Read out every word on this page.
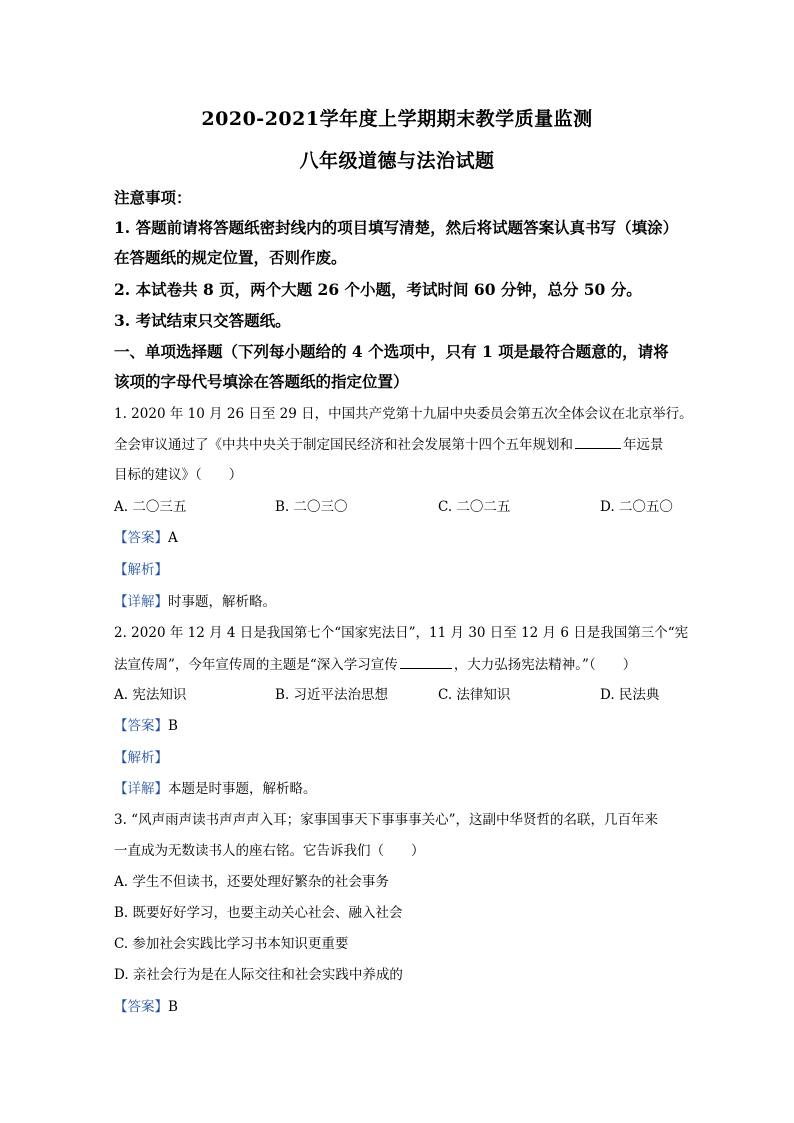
2020-2021学年度上学期期末教学质量监测
八年级道德与法治试题
注意事项：
1. 答题前请将答题纸密封线内的项目填写清楚，然后将试题答案认真书写（填涂）
在答题纸的规定位置，否则作废。
2. 本试卷共 8 页，两个大题 26 个小题，考试时间 60 分钟，总分 50 分。
3. 考试结束只交答题纸。
一、单项选择题（下列每小题给的 4 个选项中，只有 1 项是最符合题意的，请将
该项的字母代号填涂在答题纸的指定位置）
1. 2020 年 10 月 26 日至 29 日，中国共产党第十九届中央委员会第五次全体会议在北京举行。
全会审议通过了《中共中央关于制定国民经济和社会发展第十四个五年规划和	年远景
目标的建议》（　　）
A. 二〇三五	B. 二〇三〇	C. 二〇二五	D. 二〇五〇
【答案】A
【解析】
【详解】时事题，解析略。
2. 2020 年 12 月 4 日是我国第七个“国家宪法日”，11 月 30 日至 12 月 6 日是我国第三个“宪
法宣传周”，今年宣传周的主题是“深入学习宣传	，大力弘扬宪法精神。”（　　）
A. 宪法知识	B. 习近平法治思想	C. 法律知识	D. 民法典
【答案】B
【解析】
【详解】本题是时事题，解析略。
3. “风声雨声读书声声声入耳；家事国事天下事事事关心”，这副中华贤哲的名联，几百年来
一直成为无数读书人的座右铭。它告诉我们（　　）
A. 学生不但读书，还要处理好繁杂的社会事务
B. 既要好好学习，也要主动关心社会、融入社会
C. 参加社会实践比学习书本知识更重要
D. 亲社会行为是在人际交往和社会实践中养成的
【答案】B
